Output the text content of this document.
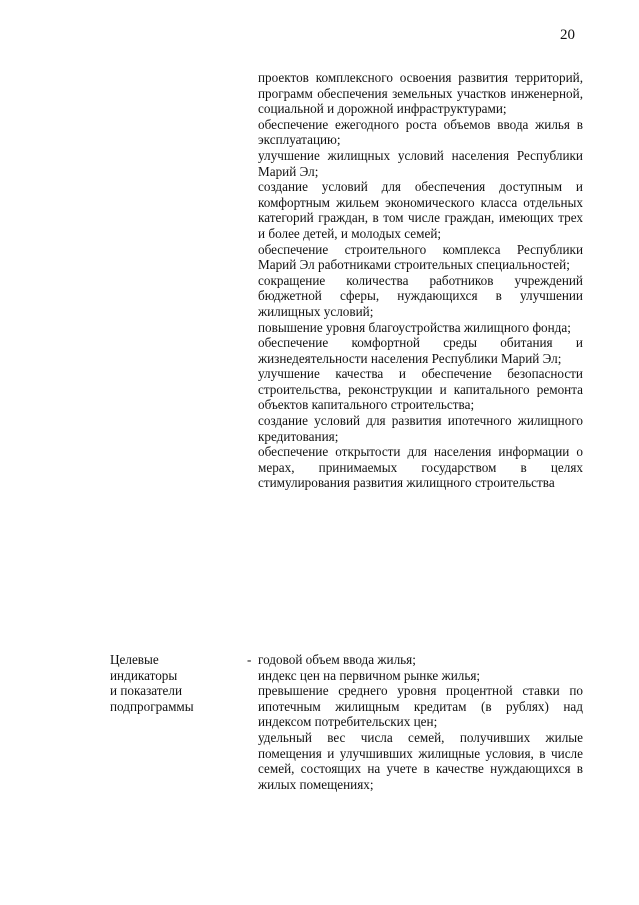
20

проектов комплексного освоения развития территорий, программ обеспечения земельных участков инженерной, социальной и дорожной инфраструктурами;

обеспечение ежегодного роста объемов ввода жилья в эксплуатацию;

улучшение жилищных условий населения Республики Марий Эл;

создание условий для обеспечения доступным и комфортным жильем экономического класса отдельных категорий граждан, в том числе граждан, имеющих трех и более детей, и молодых семей;

обеспечение строительного комплекса Республики Марий Эл работниками строительных специальностей;

сокращение количества работников учреждений бюджетной сферы, нуждающихся в улучшении жилищных условий;

повышение уровня благоустройства жилищного фонда;

обеспечение комфортной среды обитания и жизнедеятельности населения Республики Марий Эл;

улучшение качества и обеспечение безопасности строительства, реконструкции и капитального ремонта объектов капитального строительства;

создание условий для развития ипотечного жилищного кредитования;

обеспечение открытости для населения информации о мерах, принимаемых государством в целях стимулирования развития жилищного строительства

Целевые
индикаторы
и показатели
подпрограммы
- годовой объем ввода жилья;

индекс цен на первичном рынке жилья;

превышение среднего уровня процентной ставки по ипотечным жилищным кредитам (в рублях) над индексом потребительских цен;

удельный вес числа семей, получивших жилые помещения и улучшивших жилищные условия, в числе семей, состоящих на учете в качестве нуждающихся в жилых помещениях;
